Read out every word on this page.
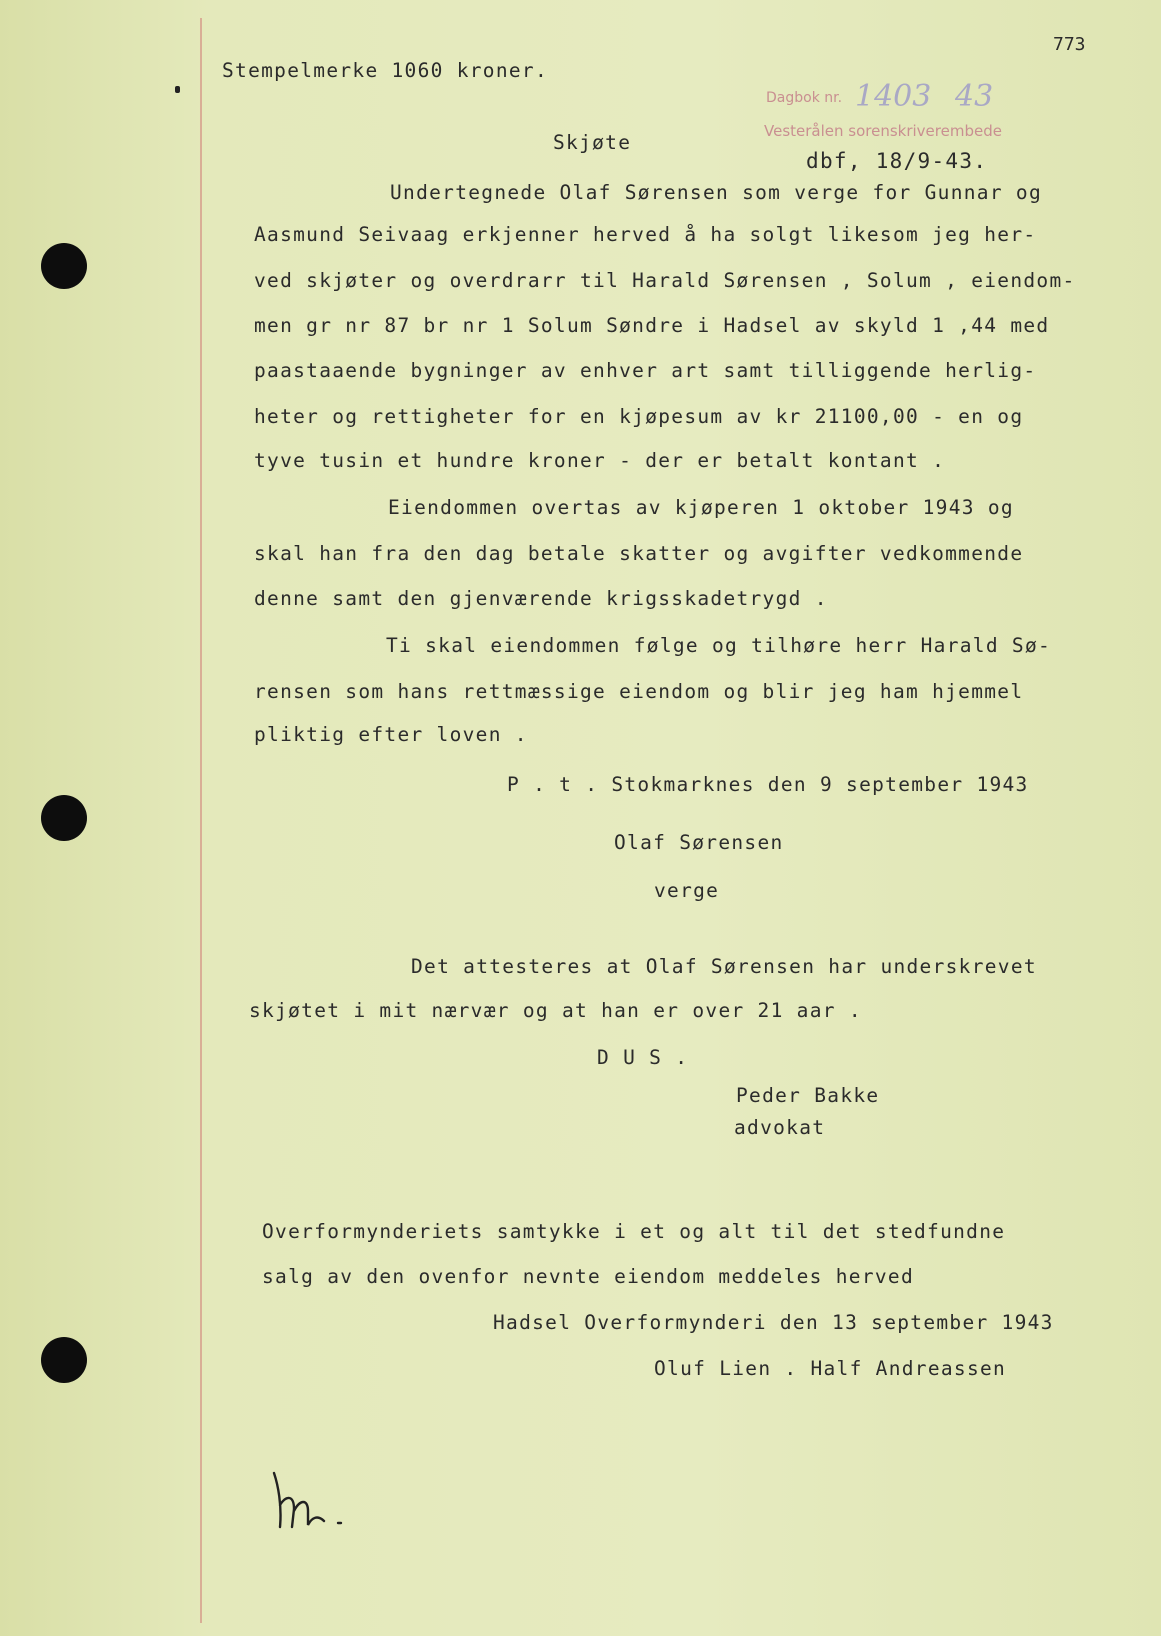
773
Stempelmerke 1060 kroner.
Dagbok nr. 1403 43
Vesterålen sorenskriverembede
Skjøte
dbf, 18/9-43.
Undertegnede Olaf Sørensen som verge for Gunnar og
Aasmund Seivaag erkjenner herved å ha solgt likesom jeg her-
ved skjøter og overdrarr til Harald Sørensen , Solum , eiendom-
men gr nr 87 br nr 1 Solum Søndre i Hadsel av skyld 1 ,44 med
paastaaende bygninger av enhver art samt tilliggende herlig-
heter og rettigheter for en kjøpesum av kr 21100,00 - en og
tyve tusin et hundre kroner - der er betalt kontant .
Eiendommen overtas av kjøperen 1 oktober 1943 og
skal han fra den dag betale skatter og avgifter vedkommende
denne samt den gjenværende krigsskadetrygd .
Ti skal eiendommen følge og tilhøre herr Harald Sø-
rensen som hans rettmæssige eiendom og blir jeg ham hjemmel
pliktig efter loven .
P . t . Stokmarknes den 9 september 1943
Olaf Sørensen
verge
Det attesteres at Olaf Sørensen har underskrevet
skjøtet i mit nærvær og at han er over 21 aar .
D U S .
Peder Bakke
advokat
Overformynderiets samtykke i et og alt til det stedfundne
salg av den ovenfor nevnte eiendom meddeles herved
Hadsel Overformynderi den 13 september 1943
Oluf Lien . Half Andreassen
